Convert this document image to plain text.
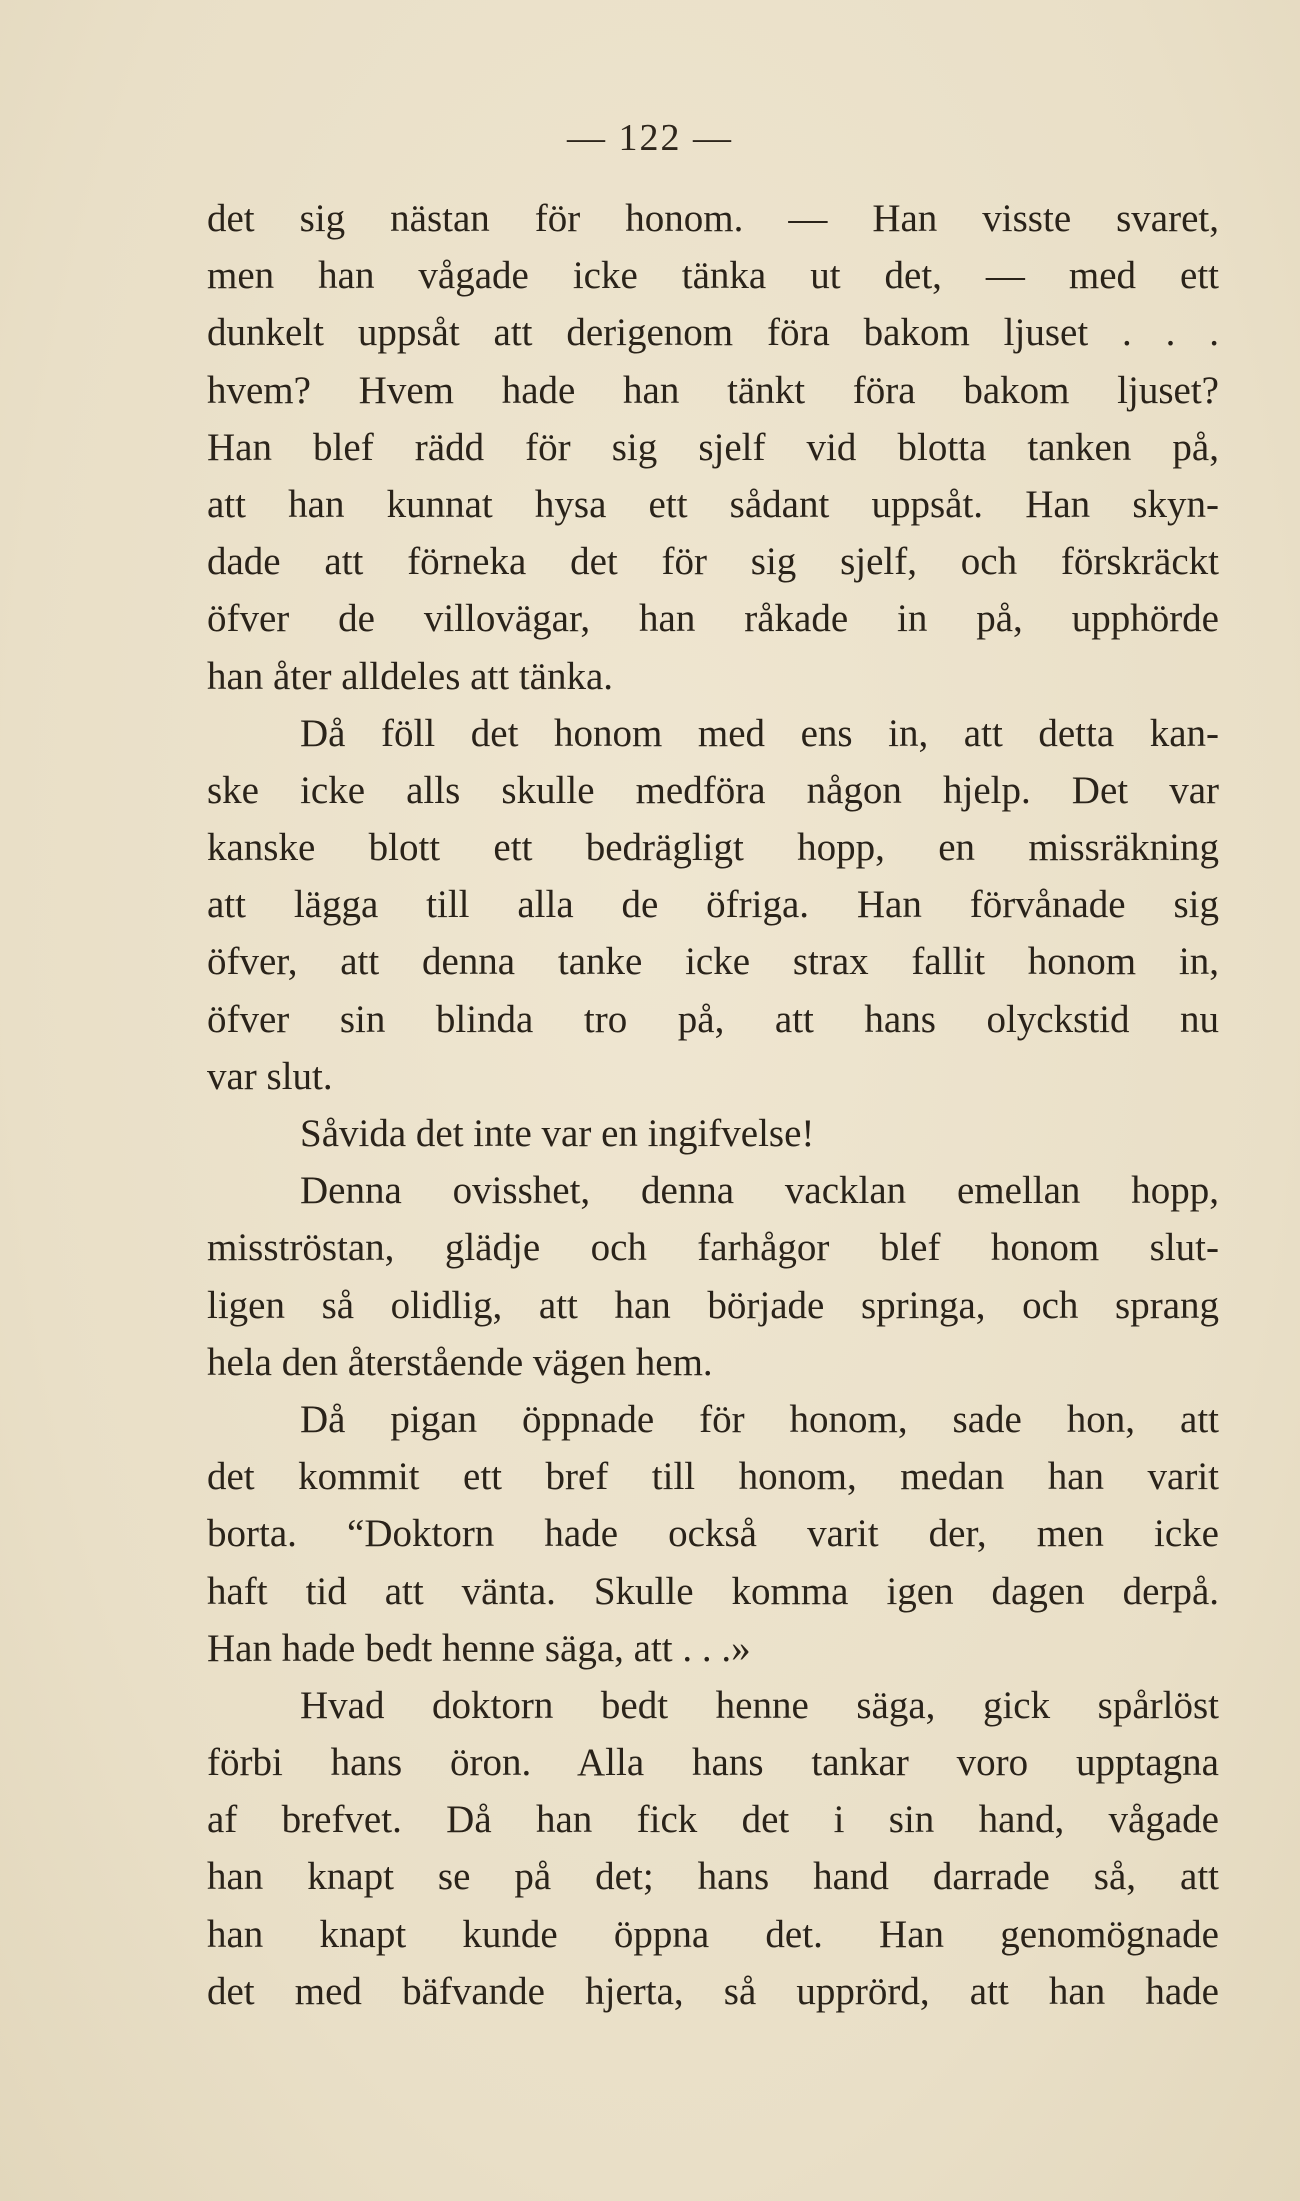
— 122 —
det sig nästan för honom. — Han visste svaret,
men han vågade icke tänka ut det, — med ett
dunkelt uppsåt att derigenom föra bakom ljuset . . .
hvem? Hvem hade han tänkt föra bakom ljuset?
Han blef rädd för sig sjelf vid blotta tanken på,
att han kunnat hysa ett sådant uppsåt. Han skyn-
dade att förneka det för sig sjelf, och förskräckt
öfver de villovägar, han råkade in på, upphörde
han åter alldeles att tänka.
Då föll det honom med ens in, att detta kan-
ske icke alls skulle medföra någon hjelp. Det var
kanske blott ett bedrägligt hopp, en missräkning
att lägga till alla de öfriga. Han förvånade sig
öfver, att denna tanke icke strax fallit honom in,
öfver sin blinda tro på, att hans olyckstid nu
var slut.
Såvida det inte var en ingifvelse!
Denna ovisshet, denna vacklan emellan hopp,
misströstan, glädje och farhågor blef honom slut-
ligen så olidlig, att han började springa, och sprang
hela den återstående vägen hem.
Då pigan öppnade för honom, sade hon, att
det kommit ett bref till honom, medan han varit
borta. “Doktorn hade också varit der, men icke
haft tid att vänta. Skulle komma igen dagen derpå.
Han hade bedt henne säga, att . . .»
Hvad doktorn bedt henne säga, gick spårlöst
förbi hans öron. Alla hans tankar voro upptagna
af brefvet. Då han fick det i sin hand, vågade
han knapt se på det; hans hand darrade så, att
han knapt kunde öppna det. Han genomögnade
det med bäfvande hjerta, så upprörd, att han hade
